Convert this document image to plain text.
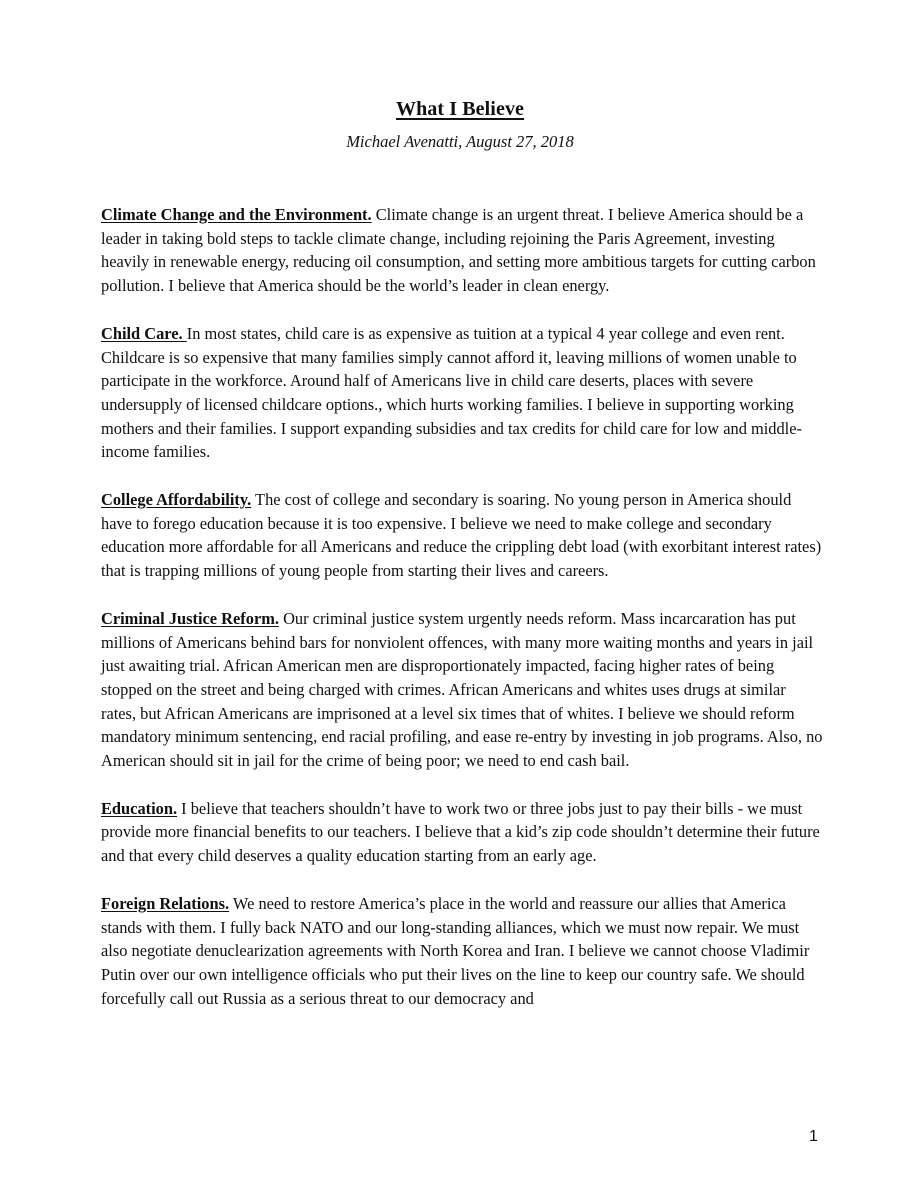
What I Believe
Michael Avenatti, August 27, 2018

Climate Change and the Environment. Climate change is an urgent threat. I believe America should be a leader in taking bold steps to tackle climate change, including rejoining the Paris Agreement, investing heavily in renewable energy, reducing oil consumption, and setting more ambitious targets for cutting carbon pollution. I believe that America should be the world’s leader in clean energy.

Child Care. In most states, child care is as expensive as tuition at a typical 4 year college and even rent. Childcare is so expensive that many families simply cannot afford it, leaving millions of women unable to participate in the workforce. Around half of Americans live in child care deserts, places with severe undersupply of licensed childcare options., which hurts working families. I believe in supporting working mothers and their families. I support expanding subsidies and tax credits for child care for low and middle-income families.

College Affordability. The cost of college and secondary is soaring. No young person in America should have to forego education because it is too expensive. I believe we need to make college and secondary education more affordable for all Americans and reduce the crippling debt load (with exorbitant interest rates) that is trapping millions of young people from starting their lives and careers.

Criminal Justice Reform. Our criminal justice system urgently needs reform. Mass incarcaration has put millions of Americans behind bars for nonviolent offences, with many more waiting months and years in jail just awaiting trial. African American men are disproportionately impacted, facing higher rates of being stopped on the street and being charged with crimes. African Americans and whites uses drugs at similar rates, but African Americans are imprisoned at a level six times that of whites. I believe we should reform mandatory minimum sentencing, end racial profiling, and ease re-entry by investing in job programs. Also, no American should sit in jail for the crime of being poor; we need to end cash bail.

Education. I believe that teachers shouldn’t have to work two or three jobs just to pay their bills - we must provide more financial benefits to our teachers. I believe that a kid’s zip code shouldn’t determine their future and that every child deserves a quality education starting from an early age.

Foreign Relations. We need to restore America’s place in the world and reassure our allies that America stands with them. I fully back NATO and our long-standing alliances, which we must now repair. We must also negotiate denuclearization agreements with North Korea and Iran. I believe we cannot choose Vladimir Putin over our own intelligence officials who put their lives on the line to keep our country safe. We should forcefully call out Russia as a serious threat to our democracy and

1
